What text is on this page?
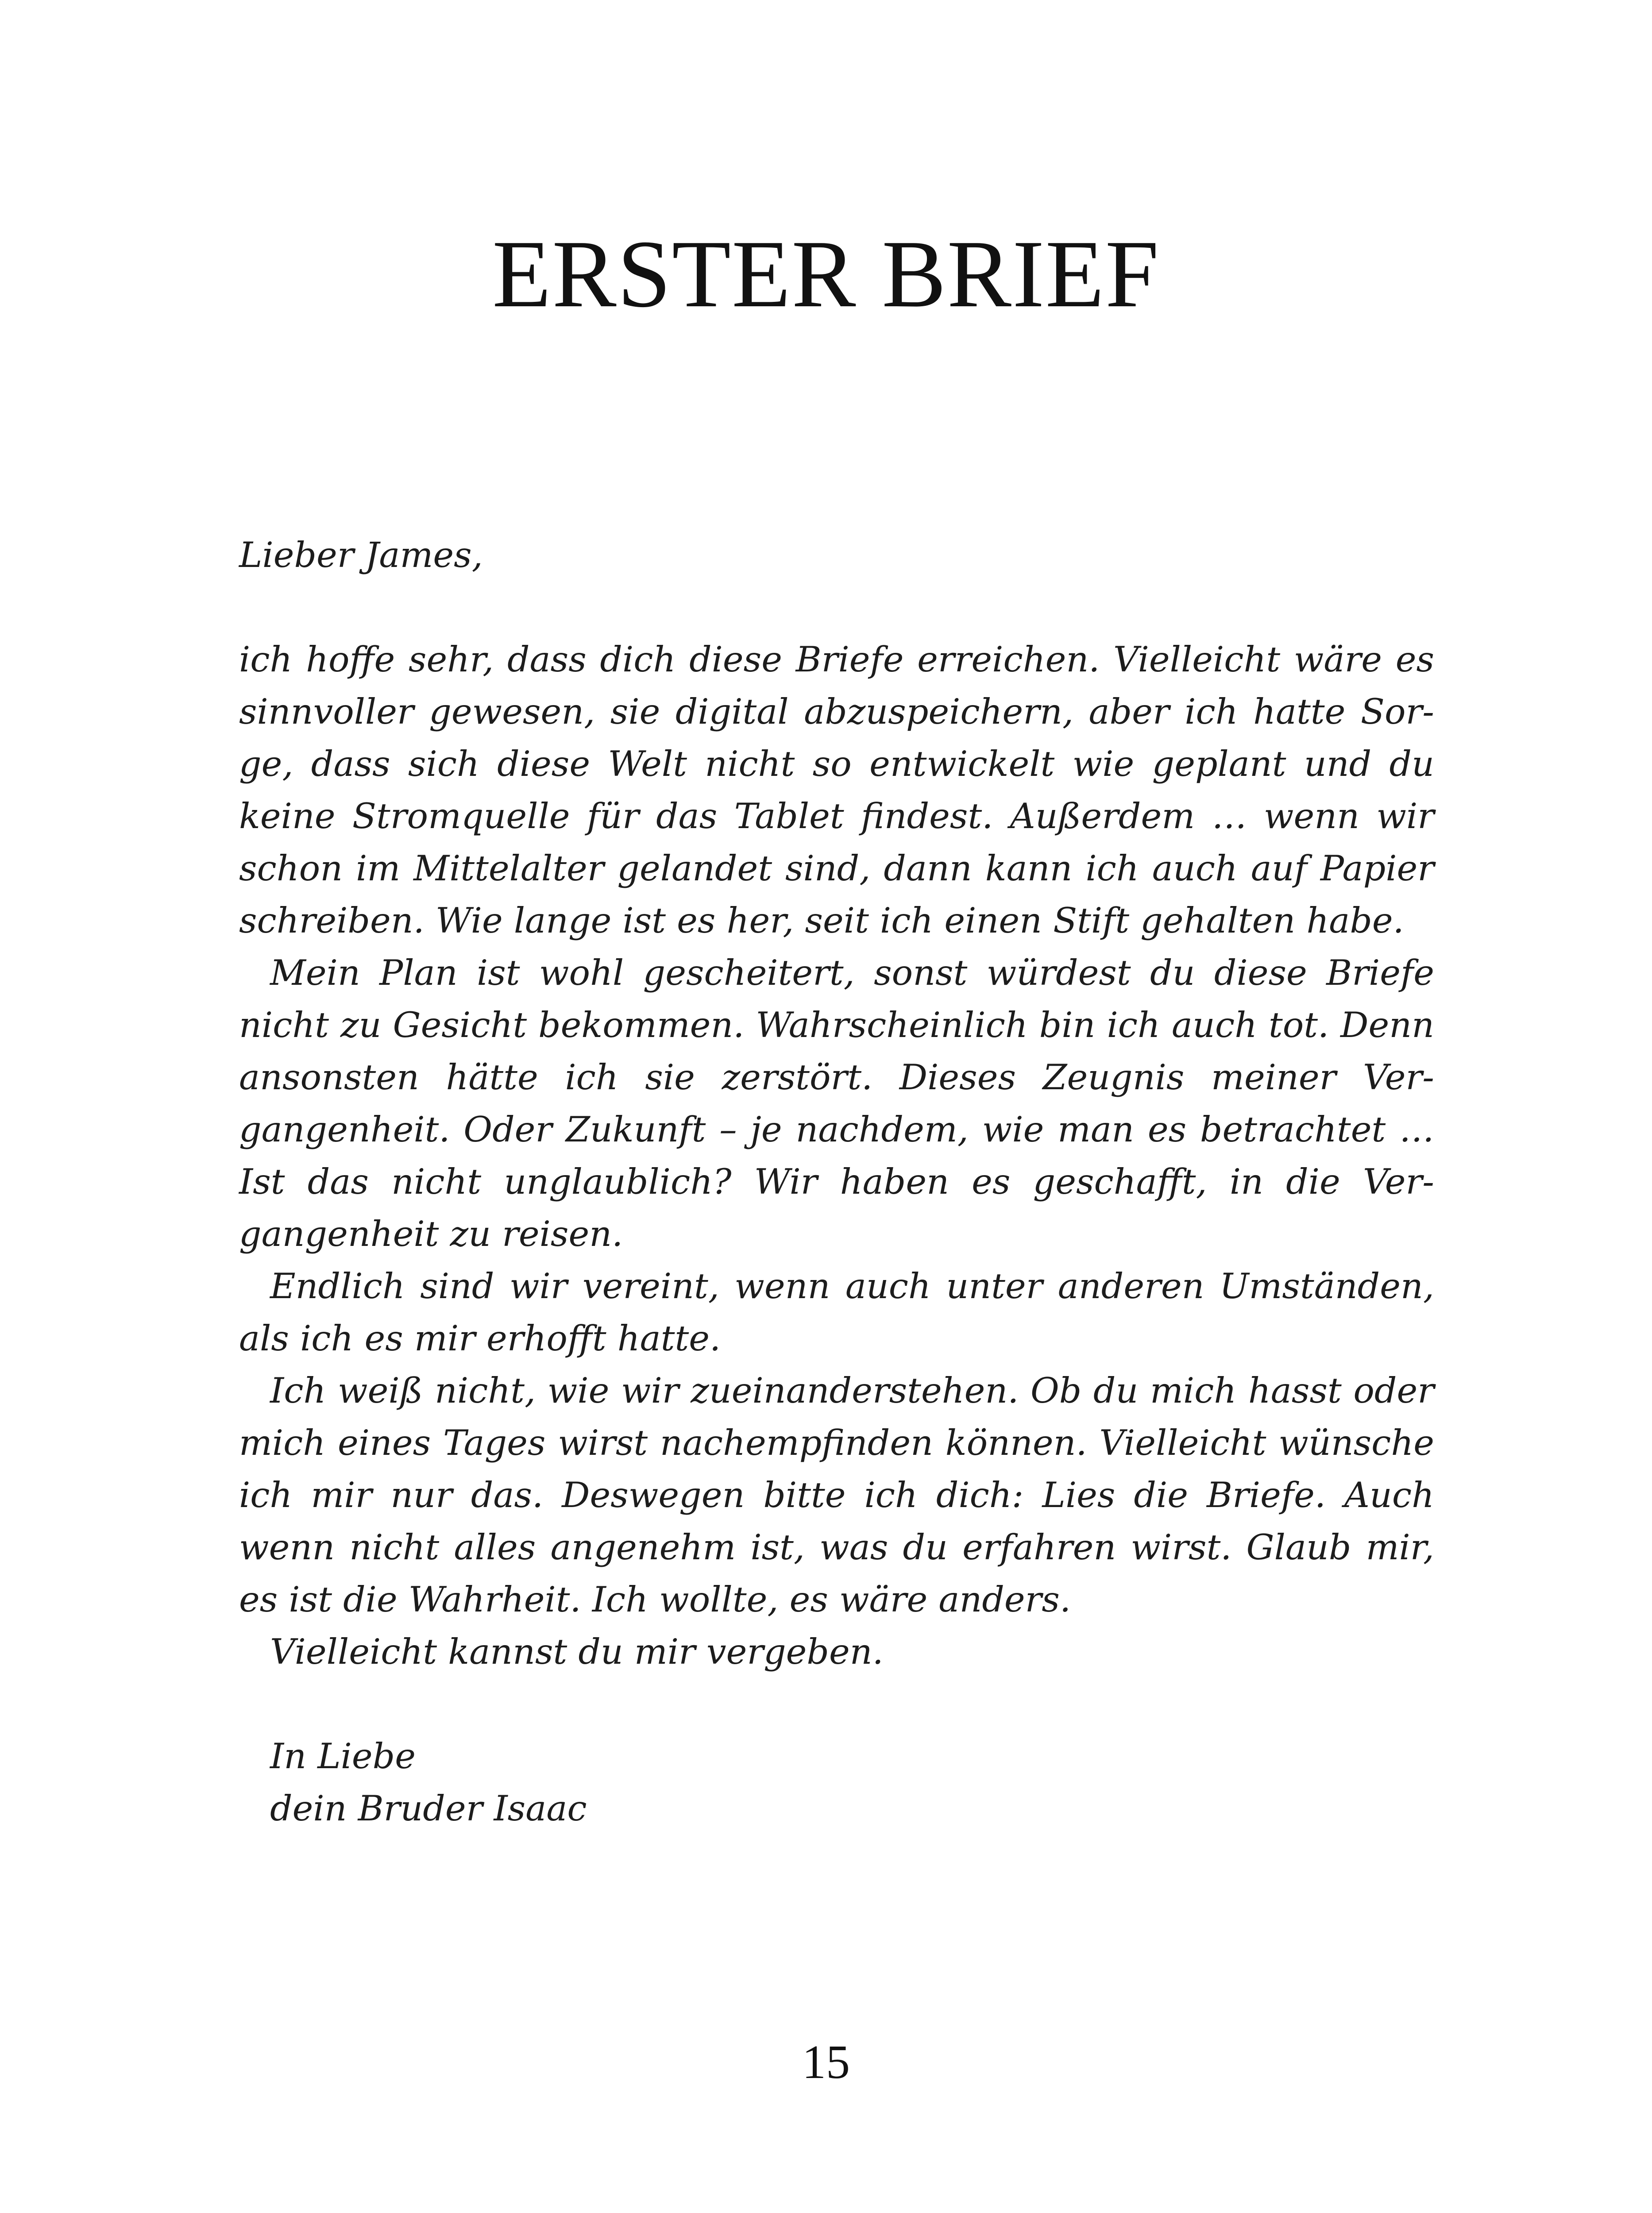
ERSTER BRIEF

Lieber James,

ich hoffe sehr, dass dich diese Briefe erreichen. Vielleicht wäre es sinnvoller gewesen, sie digital abzuspeichern, aber ich hatte Sorge, dass sich diese Welt nicht so entwickelt wie geplant und du keine Stromquelle für das Tablet findest. Außerdem … wenn wir schon im Mittelalter gelandet sind, dann kann ich auch auf Papier schreiben. Wie lange ist es her, seit ich einen Stift gehalten habe.

Mein Plan ist wohl gescheitert, sonst würdest du diese Briefe nicht zu Gesicht bekommen. Wahrscheinlich bin ich auch tot. Denn ansonsten hätte ich sie zerstört. Dieses Zeugnis meiner Vergangenheit. Oder Zukunft – je nachdem, wie man es betrachtet … Ist das nicht unglaublich? Wir haben es geschafft, in die Vergangenheit zu reisen.

Endlich sind wir vereint, wenn auch unter anderen Umständen, als ich es mir erhofft hatte.

Ich weiß nicht, wie wir zueinanderstehen. Ob du mich hasst oder mich eines Tages wirst nachempfinden können. Vielleicht wünsche ich mir nur das. Deswegen bitte ich dich: Lies die Briefe. Auch wenn nicht alles angenehm ist, was du erfahren wirst. Glaub mir, es ist die Wahrheit. Ich wollte, es wäre anders.

Vielleicht kannst du mir vergeben.

In Liebe
dein Bruder Isaac
15
